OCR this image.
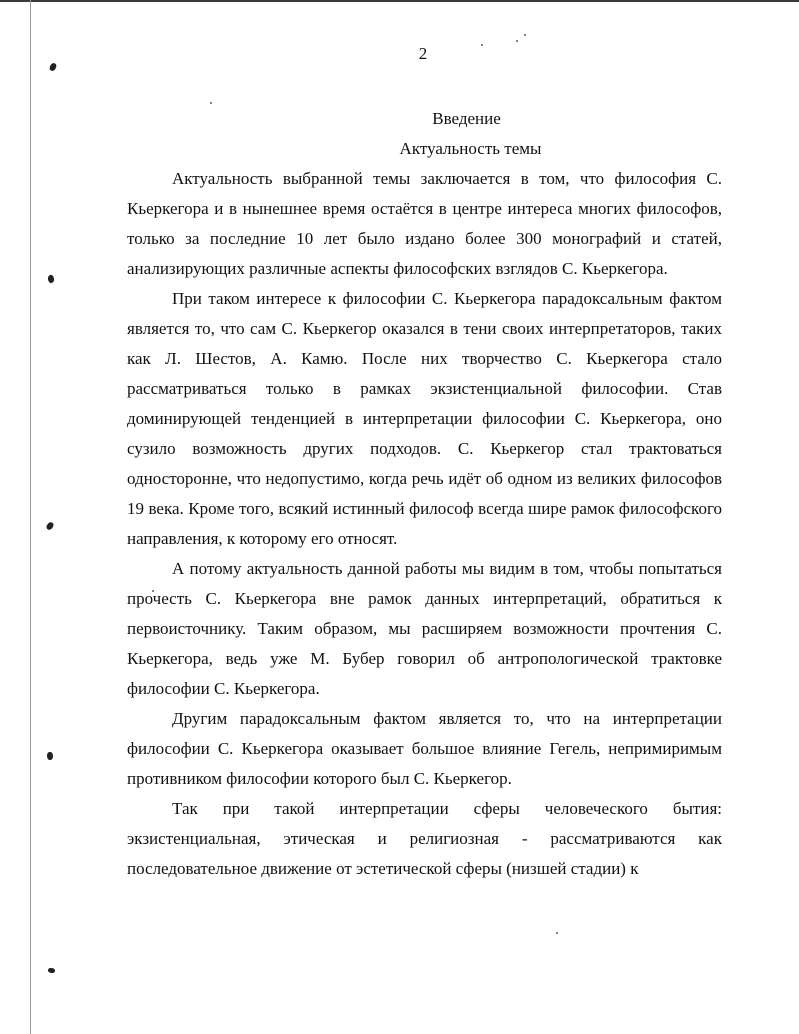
2
Введение
Актуальность темы

Актуальность выбранной темы заключается в том, что философия С. Кьеркегора и в нынешнее время остаётся в центре интереса многих философов, только за последние 10 лет было издано более 300 монографий и статей, анализирующих различные аспекты философских взглядов С. Кьеркегора.

При таком интересе к философии С. Кьеркегора парадоксальным фактом является то, что сам С. Кьеркегор оказался в тени своих интерпретаторов, таких как Л. Шестов, А. Камю. После них творчество С. Кьеркегора стало рассматриваться только в рамках экзистенциальной философии. Став доминирующей тенденцией в интерпретации философии С. Кьеркегора, оно сузило возможность других подходов. С. Кьеркегор стал трактоваться односторонне, что недопустимо, когда речь идёт об одном из великих философов 19 века. Кроме того, всякий истинный философ всегда шире рамок философского направления, к которому его относят.

А потому актуальность данной работы мы видим в том, чтобы попытаться прочесть С. Кьеркегора вне рамок данных интерпретаций, обратиться к первоисточнику. Таким образом, мы расширяем возможности прочтения С. Кьеркегора, ведь уже М. Бубер говорил об антропологической трактовке философии С. Кьеркегора.

Другим парадоксальным фактом является то, что на интерпретации философии С. Кьеркегора оказывает большое влияние Гегель, непримиримым противником философии которого был С. Кьеркегор.

Так при такой интерпретации сферы человеческого бытия: экзистенциальная, этическая и религиозная - рассматриваются как последовательное движение от эстетической сферы (низшей стадии) к
